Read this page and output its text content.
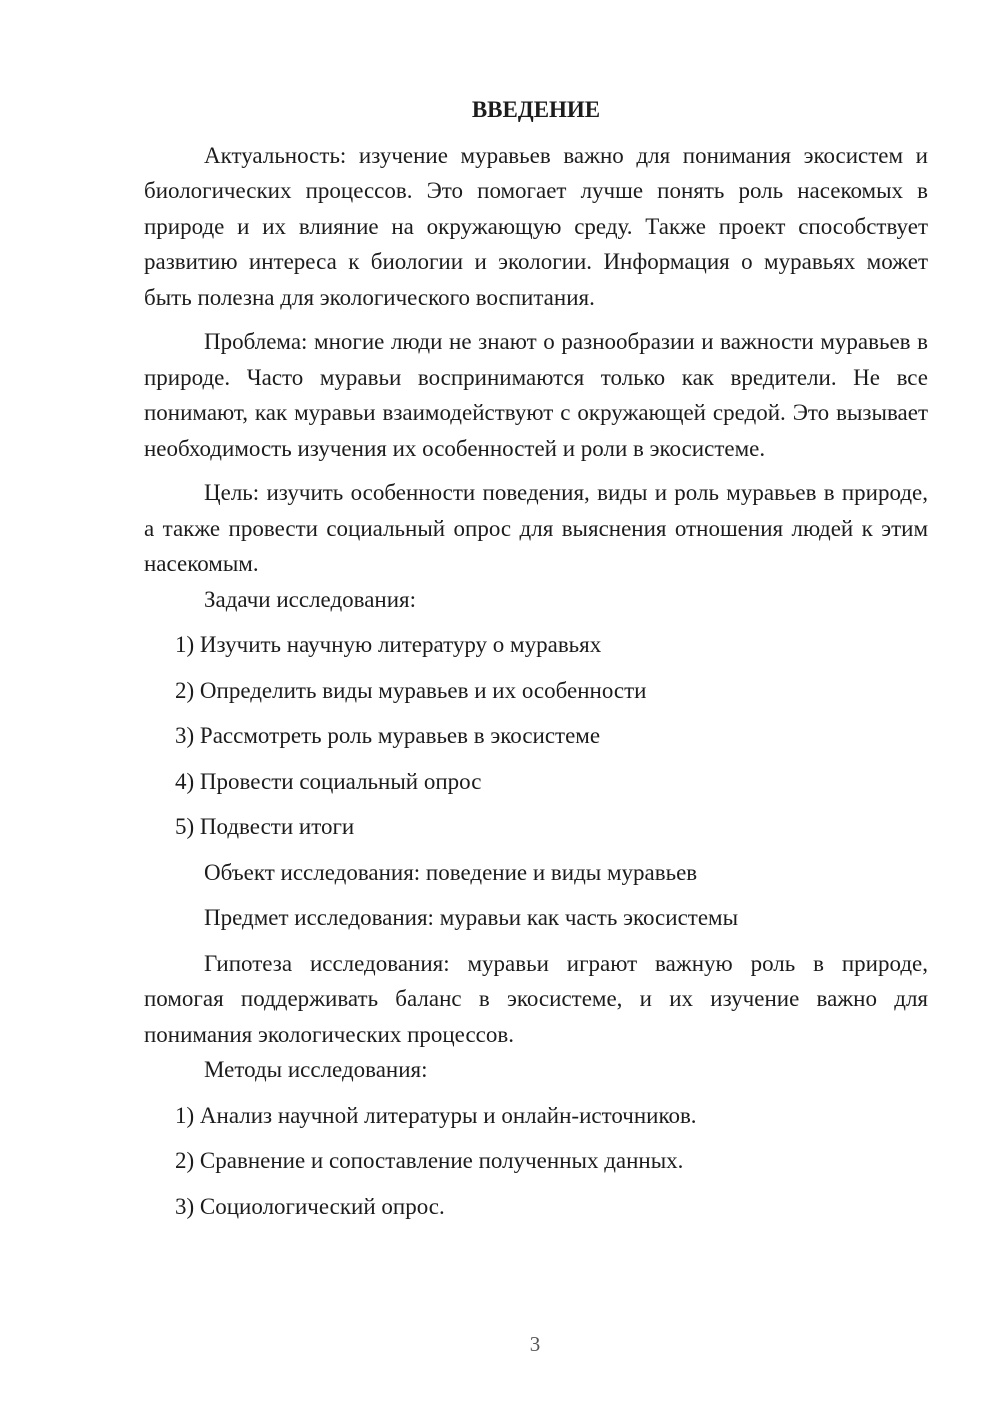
ВВЕДЕНИЕ

Актуальность: изучение муравьев важно для понимания экосистем и биологических процессов. Это помогает лучше понять роль насекомых в природе и их влияние на окружающую среду. Также проект способствует развитию интереса к биологии и экологии. Информация о муравьях может быть полезна для экологического воспитания.

Проблема: многие люди не знают о разнообразии и важности муравьев в природе. Часто муравьи воспринимаются только как вредители. Не все понимают, как муравьи взаимодействуют с окружающей средой. Это вызывает необходимость изучения их особенностей и роли в экосистеме.

Цель: изучить особенности поведения, виды и роль муравьев в природе, а также провести социальный опрос для выяснения отношения людей к этим насекомым.

Задачи исследования:

1) Изучить научную литературу о муравьях

2) Определить виды муравьев и их особенности

3) Рассмотреть роль муравьев в экосистеме

4) Провести социальный опрос

5) Подвести итоги

Объект исследования: поведение и виды муравьев

Предмет исследования: муравьи как часть экосистемы

Гипотеза исследования: муравьи играют важную роль в природе, помогая поддерживать баланс в экосистеме, и их изучение важно для понимания экологических процессов.

Методы исследования:

1) Анализ научной литературы и онлайн-источников.

2) Сравнение и сопоставление полученных данных.

3) Социологический опрос.

3
